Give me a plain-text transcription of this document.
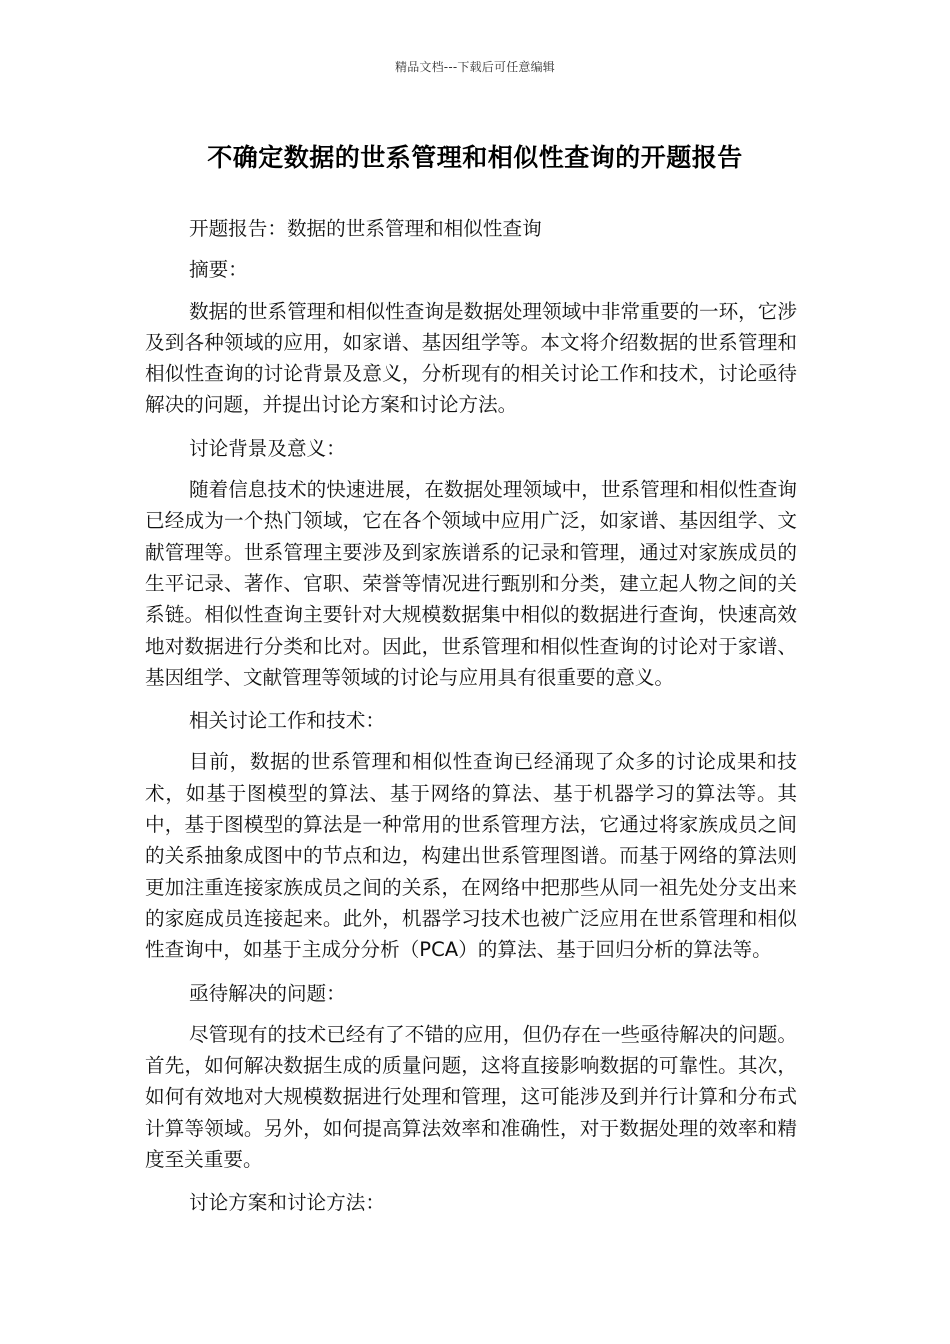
精品文档---下载后可任意编辑
不确定数据的世系管理和相似性查询的开题报告

开题报告：数据的世系管理和相似性查询

摘要：

数据的世系管理和相似性查询是数据处理领域中非常重要的一环，它涉及到各种领域的应用，如家谱、基因组学等。本文将介绍数据的世系管理和相似性查询的讨论背景及意义，分析现有的相关讨论工作和技术，讨论亟待解决的问题，并提出讨论方案和讨论方法。

讨论背景及意义：

随着信息技术的快速进展，在数据处理领域中，世系管理和相似性查询已经成为一个热门领域，它在各个领域中应用广泛，如家谱、基因组学、文献管理等。世系管理主要涉及到家族谱系的记录和管理，通过对家族成员的生平记录、著作、官职、荣誉等情况进行甄别和分类，建立起人物之间的关系链。相似性查询主要针对大规模数据集中相似的数据进行查询，快速高效地对数据进行分类和比对。因此，世系管理和相似性查询的讨论对于家谱、基因组学、文献管理等领域的讨论与应用具有很重要的意义。

相关讨论工作和技术：

目前，数据的世系管理和相似性查询已经涌现了众多的讨论成果和技术，如基于图模型的算法、基于网络的算法、基于机器学习的算法等。其中，基于图模型的算法是一种常用的世系管理方法，它通过将家族成员之间的关系抽象成图中的节点和边，构建出世系管理图谱。而基于网络的算法则更加注重连接家族成员之间的关系，在网络中把那些从同一祖先处分支出来的家庭成员连接起来。此外，机器学习技术也被广泛应用在世系管理和相似性查询中，如基于主成分分析（PCA）的算法、基于回归分析的算法等。

亟待解决的问题：

尽管现有的技术已经有了不错的应用，但仍存在一些亟待解决的问题。首先，如何解决数据生成的质量问题，这将直接影响数据的可靠性。其次，如何有效地对大规模数据进行处理和管理，这可能涉及到并行计算和分布式计算等领域。另外，如何提高算法效率和准确性，对于数据处理的效率和精度至关重要。

讨论方案和讨论方法：
